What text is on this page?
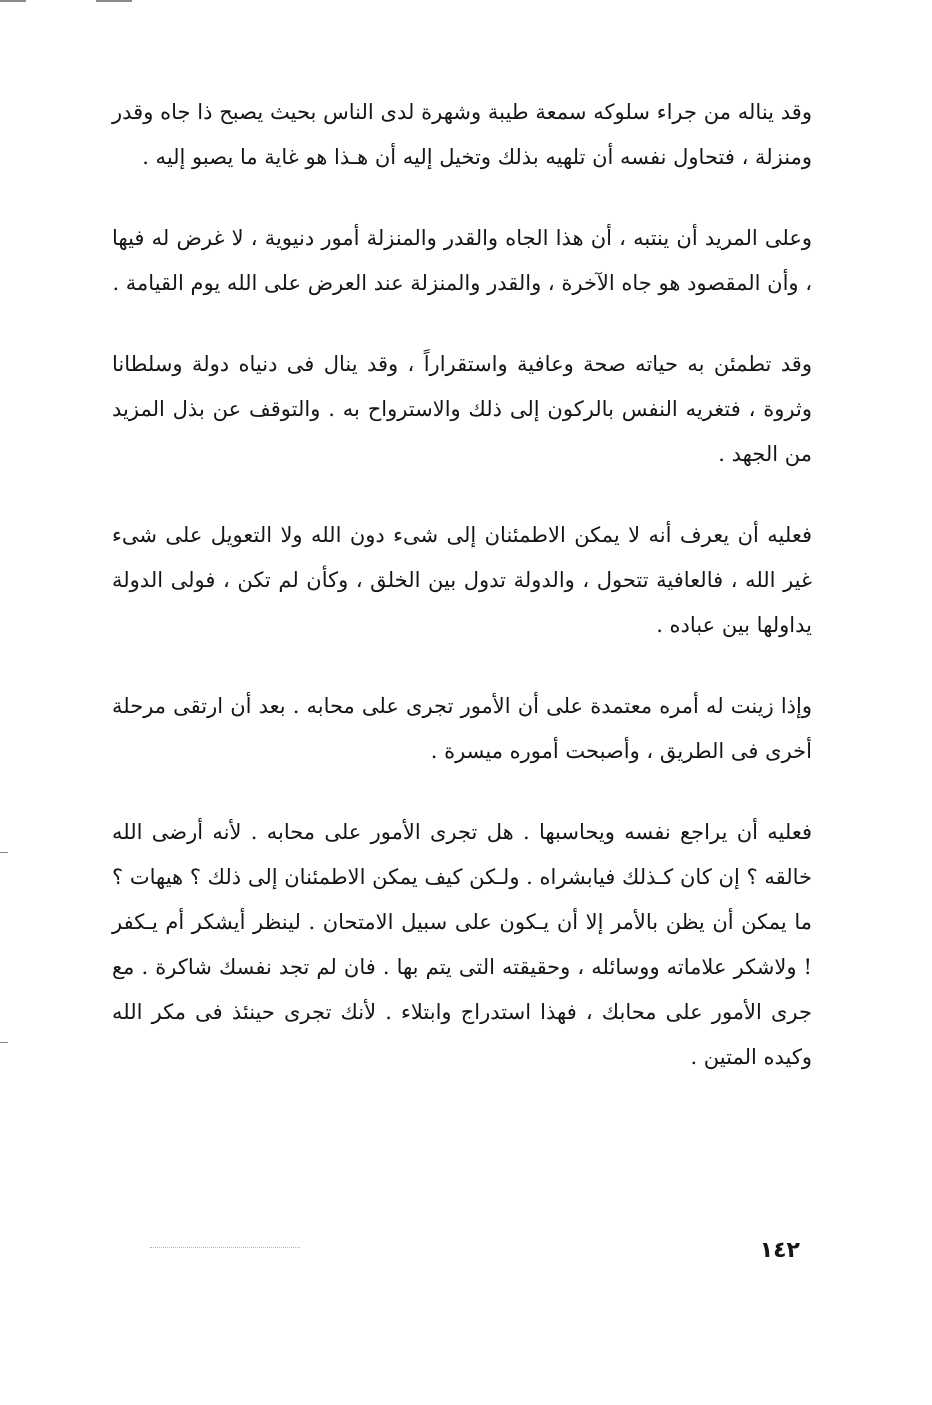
وقد يناله من جراء سلوكه سمعة طيبة وشهرة لدى الناس بحيث يصبح ذا جاه وقدر ومنزلة ، فتحاول نفسه أن تلهيه بذلك وتخيل إليه أن هـذا هو غاية ما يصبو إليه .

وعلى المريد أن ينتبه ، أن هذا الجاه والقدر والمنزلة أمور دنيوية ، لا غرض له فيها ، وأن المقصود هو جاه الآخرة ، والقدر والمنزلة عند العرض على الله يوم القيامة .

وقد تطمئن به حياته صحة وعافية واستقراراً ، وقد ينال فى دنياه دولة وسلطانا وثروة ، فتغريه النفس بالركون إلى ذلك والاسترواح به . والتوقف عن بذل المزيد من الجهد .

فعليه أن يعرف أنه لا يمكن الاطمئنان إلى شىء دون الله ولا التعويل على شىء غير الله ، فالعافية تتحول ، والدولة تدول بين الخلق ، وكأن لم تكن ، فولى الدولة يداولها بين عباده .

وإذا زينت له أمره معتمدة على أن الأمور تجرى على محابه . بعد أن ارتقى مرحلة أخرى فى الطريق ، وأصبحت أموره ميسرة .

فعليه أن يراجع نفسه ويحاسبها . هل تجرى الأمور على محابه . لأنه أرضى الله خالقه ؟ إن كان كـذلك فيابشراه . ولـكن كيف يمكن الاطمئنان إلى ذلك ؟ هيهات ؟ ما يمكن أن يظن بالأمر إلا أن يـكون على سبيل الامتحان . لينظر أيشكر أم يـكفر ! ولاشكر علاماته ووسائله ، وحقيقته التى يتم بها . فان لم تجد نفسك شاكرة . مع جرى الأمور على محابك ، فهذا استدراج وابتلاء . لأنك تجرى حينئذ فى مكر الله وكيده المتين .

١٤٢
